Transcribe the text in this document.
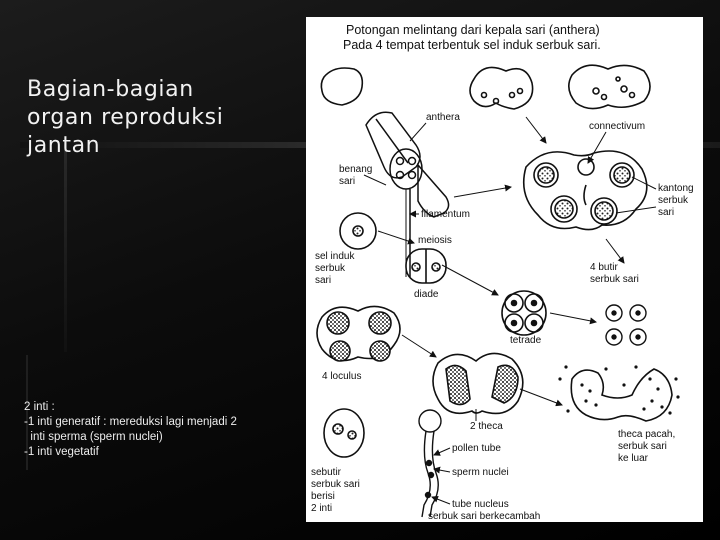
Bagian-bagian
organ reproduksi
jantan
2 inti :
-1 inti generatif : mereduksi lagi menjadi 2
inti sperma (sperm nuclei)
-1 inti vegetatif
Potongan melintang dari kepala sari (anthera)
Pada 4 tempat terbentuk sel induk serbuk sari.
anthera
benang
sari
filamentum
connectivum
kantong
serbuk
sari
sel induk
serbuk
sari
meiosis
diade
tetrade
4 butir
serbuk sari
4 loculus
2 theca
theca pacah,
serbuk sari
ke luar
sebutir
serbuk sari
berisi
2 inti
pollen tube
sperm nuclei
tube nucleus
serbuk sari berkecambah
